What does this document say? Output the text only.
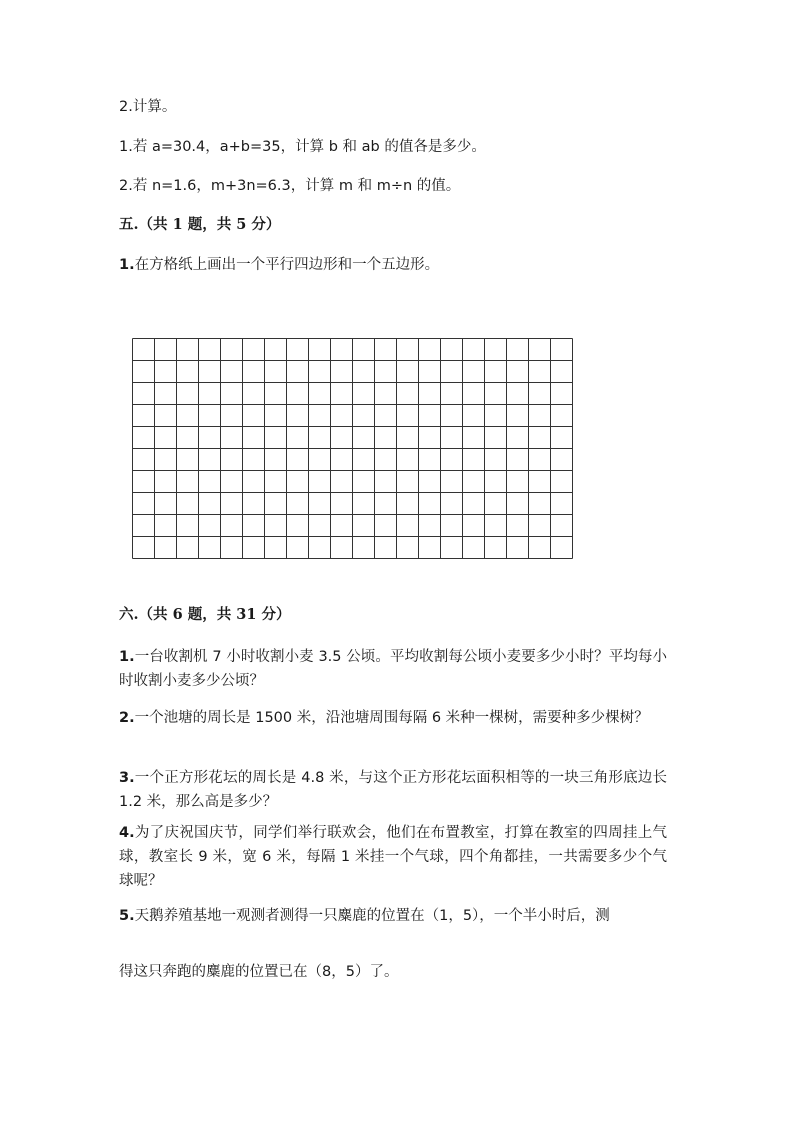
2.计算。

1.若 a=30.4，a+b=35，计算 b 和 ab 的值各是多少。

2.若 n=1.6，m+3n=6.3，计算 m 和 m÷n 的值。

五.（共 1 题，共 5 分）

1.在方格纸上画出一个平行四边形和一个五边形。

六.（共 6 题，共 31 分）

1.一台收割机 7 小时收割小麦 3.5 公顷。平均收割每公顷小麦要多少小时？平均每小时收割小麦多少公顷？

2.一个池塘的周长是 1500 米，沿池塘周围每隔 6 米种一棵树，需要种多少棵树？

3.一个正方形花坛的周长是 4.8 米，与这个正方形花坛面积相等的一块三角形底边长 1.2 米，那么高是多少？

4.为了庆祝国庆节，同学们举行联欢会，他们在布置教室，打算在教室的四周挂上气球，教室长 9 米，宽 6 米，每隔 1 米挂一个气球，四个角都挂，一共需要多少个气球呢？

5.天鹅养殖基地一观测者测得一只麋鹿的位置在（1，5），一个半小时后，测

得这只奔跑的麋鹿的位置已在（8，5）了。
